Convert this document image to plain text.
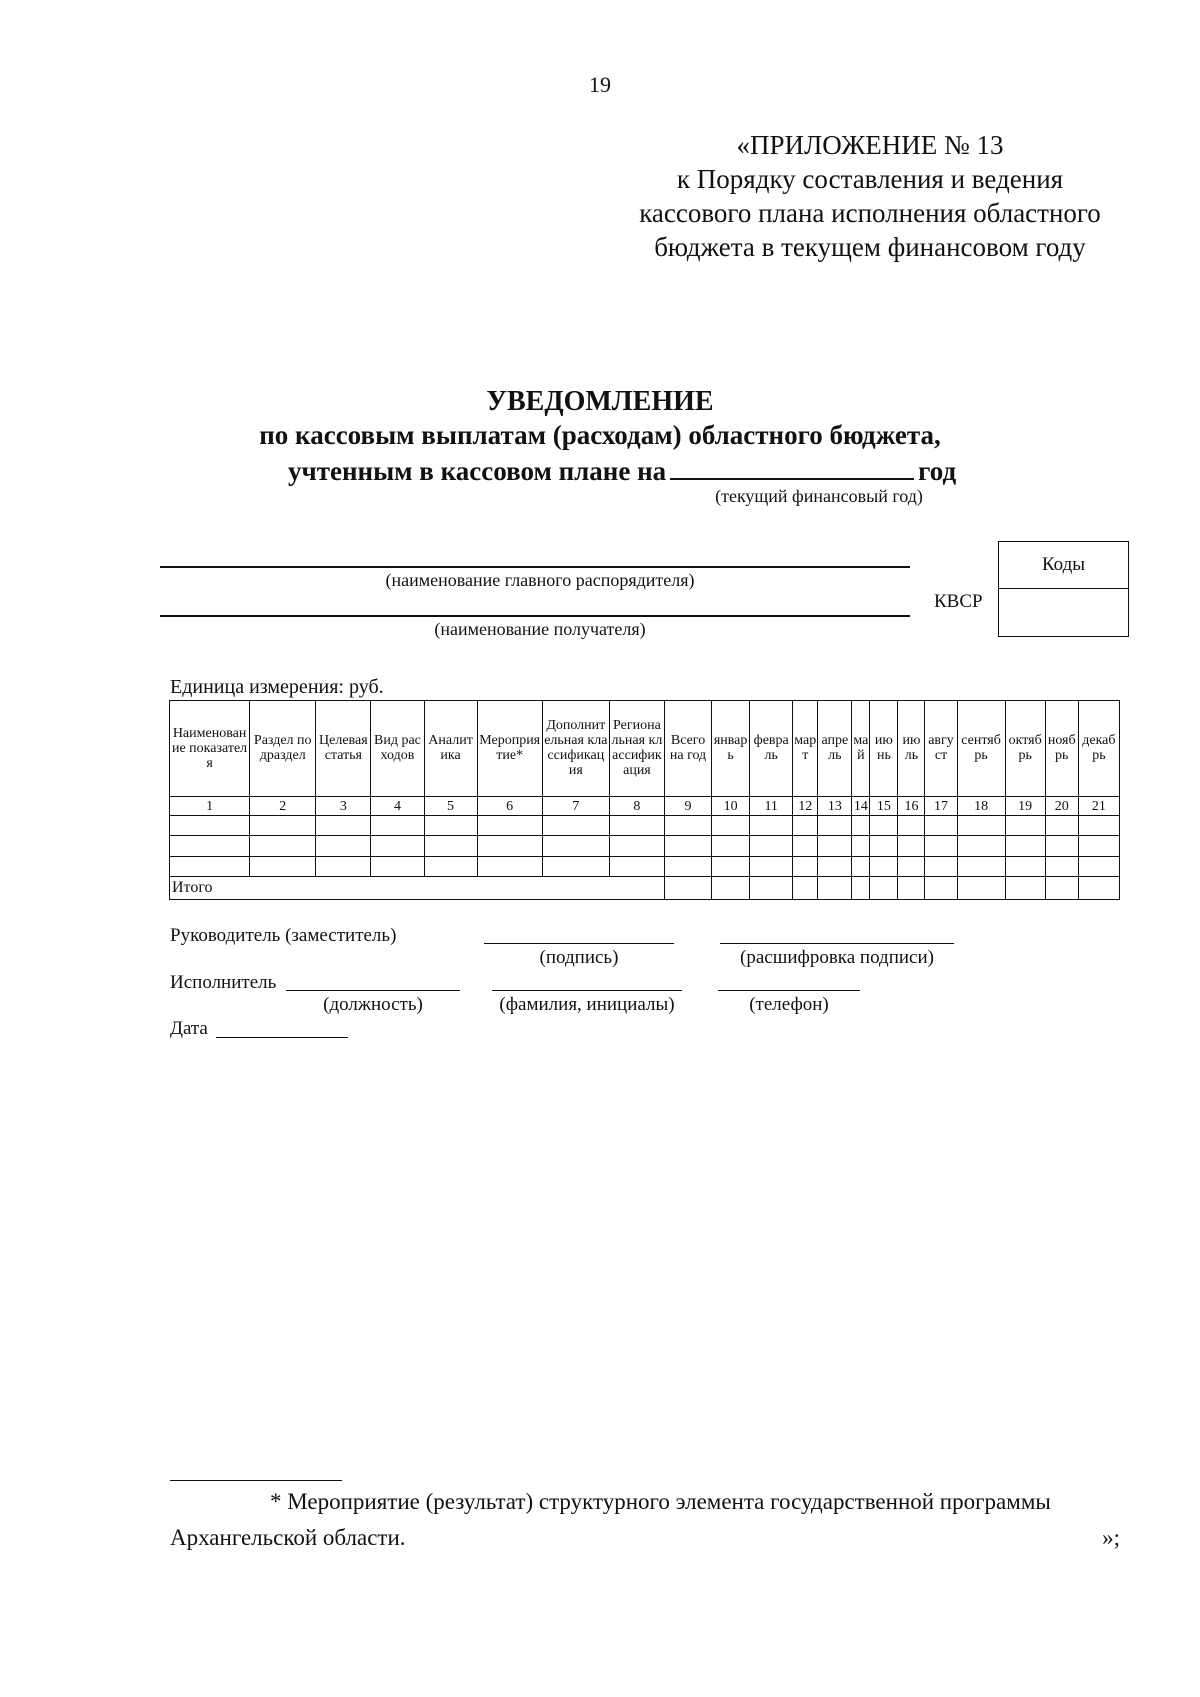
19
«ПРИЛОЖЕНИЕ № 13
к Порядку составления и ведения
кассового плана исполнения областного
бюджета в текущем финансовом году
УВЕДОМЛЕНИЕ
по кассовым выплатам (расходам) областного бюджета,
учтенным в кассовом плане на	год
(текущий финансовый год)
(наименование главного распорядителя)
(наименование получателя)
Коды
КВСР
Единица измерения: руб.
Наименование показателя	Раздел подраздел	Целевая статья	Вид расходов	Аналитика	Мероприятие*	Дополнительная классификация	Региональная классификация	Всего на год	январь	февраль	март	апрель	май	июнь	июль	август	сентябрь	октябрь	ноябрь	декабрь
1	2	3	4	5	6	7	8	9	10	11	12	13	14	15	16	17	18	19	20	21

Итого																				
Руководитель (заместитель)
(подпись)	(расшифровка подписи)
Исполнитель
(должность)	(фамилия, инициалы)	(телефон)
Дата
* Мероприятие (результат) структурного элемента государственной программы
Архангельской области.	»;
